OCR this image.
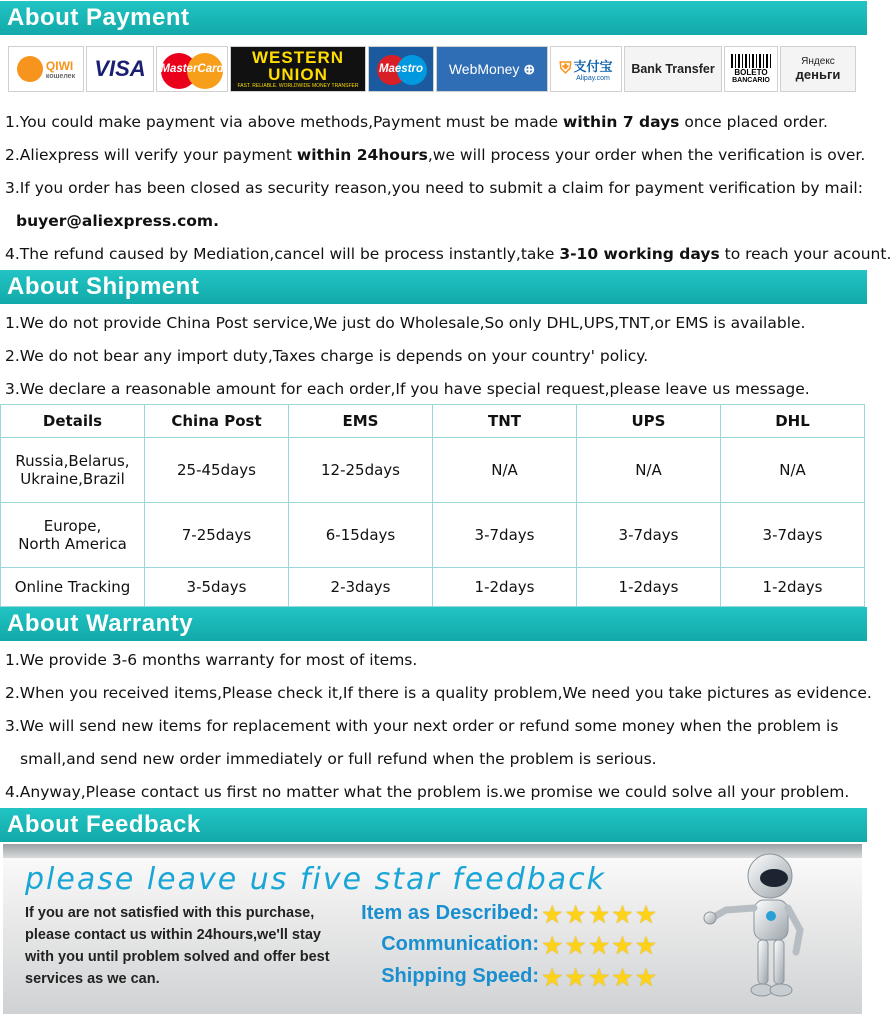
About Payment
QIWI
кошелек VISA MasterCard
WESTERN
UNION
FAST. RELIABLE. WORLDWIDE MONEY TRANSFER
Maestro WebMoney ⊕ ⛨ 支付宝
Alipay.com
Bank Transfer BOLETO
BANCARIO
Яндекс
деньги
1.You could make payment via above methods,Payment must be made within 7 days once placed order.
2.Aliexpress will verify your payment within 24hours,we will process your order when the verification is over.
3.If you order has been closed as security reason,you need to submit a claim for payment verification by mail:
buyer@aliexpress.com.
4.The refund caused by Mediation,cancel will be process instantly,take 3-10 working days to reach your acount.
About Shipment
1.We do not provide China Post service,We just do Wholesale,So only DHL,UPS,TNT,or EMS is available.
2.We do not bear any import duty,Taxes charge is depends on your country' policy.
3.We declare a reasonable amount for each order,If you have special request,please leave us message.
Details	China Post	EMS	TNT	UPS	DHL
Russia,Belarus,
Ukraine,Brazil	25-45days	12-25days	N/A	N/A	N/A
Europe,
North America	7-25days	6-15days	3-7days	3-7days	3-7days
Online Tracking	3-5days	2-3days	1-2days	1-2days	1-2days
About Warranty
1.We provide 3-6 months warranty for most of items.
2.When you received items,Please check it,If there is a quality problem,We need you take pictures as evidence.
3.We will send new items for replacement with your next order or refund some money when the problem is
small,and send new order immediately or full refund when the problem is serious.
4.Anyway,Please contact us first no matter what the problem is.we promise we could solve all your problem.
About Feedback
please leave us five star feedback
If you are not satisfied with this purchase,
please contact us within 24hours,we'll stay
with you until problem solved and offer best
services as we can.
Item as Described: ★★★★★
Communication: ★★★★★
Shipping Speed: ★★★★★
